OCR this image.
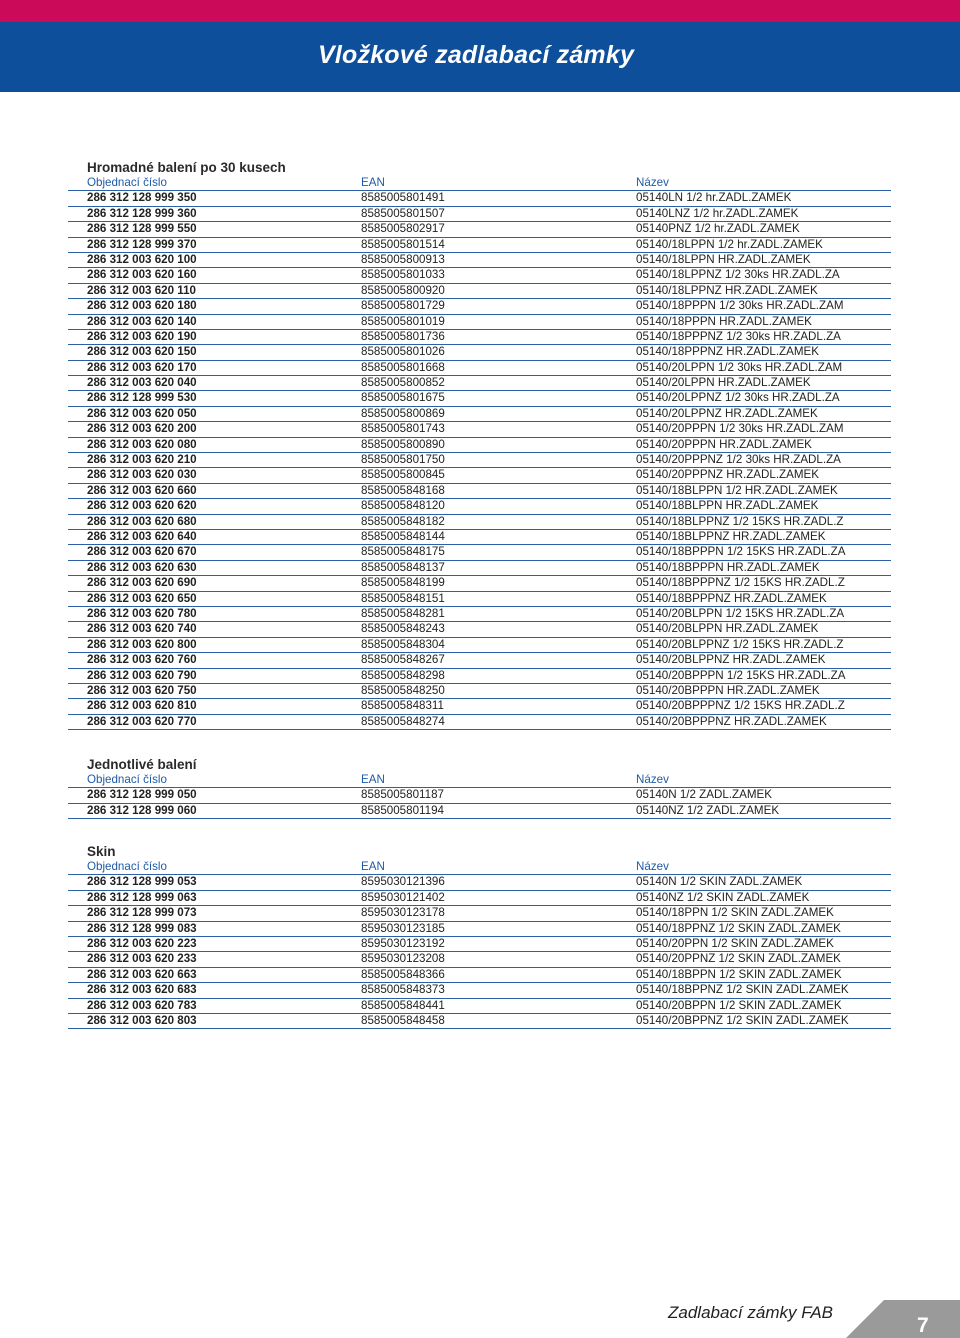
Vložkové zadlabací zámky
Hromadné balení po 30 kusech
Objednací číslo	EAN	Název
286 312 128 999 350	8585005801491	05140LN 1/2 hr.ZADL.ZAMEK
286 312 128 999 360	8585005801507	05140LNZ 1/2 hr.ZADL.ZAMEK
286 312 128 999 550	8585005802917	05140PNZ 1/2 hr.ZADL.ZAMEK
286 312 128 999 370	8585005801514	05140/18LPPN 1/2 hr.ZADL.ZAMEK
286 312 003 620 100	8585005800913	05140/18LPPN HR.ZADL.ZAMEK
286 312 003 620 160	8585005801033	05140/18LPPNZ 1/2 30ks HR.ZADL.ZA
286 312 003 620 110	8585005800920	05140/18LPPNZ HR.ZADL.ZAMEK
286 312 003 620 180	8585005801729	05140/18PPPN 1/2 30ks HR.ZADL.ZAM
286 312 003 620 140	8585005801019	05140/18PPPN HR.ZADL.ZAMEK
286 312 003 620 190	8585005801736	05140/18PPPNZ 1/2 30ks HR.ZADL.ZA
286 312 003 620 150	8585005801026	05140/18PPPNZ HR.ZADL.ZAMEK
286 312 003 620 170	8585005801668	05140/20LPPN 1/2 30ks HR.ZADL.ZAM
286 312 003 620 040	8585005800852	05140/20LPPN HR.ZADL.ZAMEK
286 312 128 999 530	8585005801675	05140/20LPPNZ 1/2 30ks HR.ZADL.ZA
286 312 003 620 050	8585005800869	05140/20LPPNZ HR.ZADL.ZAMEK
286 312 003 620 200	8585005801743	05140/20PPPN 1/2 30ks HR.ZADL.ZAM
286 312 003 620 080	8585005800890	05140/20PPPN HR.ZADL.ZAMEK
286 312 003 620 210	8585005801750	05140/20PPPNZ 1/2 30ks HR.ZADL.ZA
286 312 003 620 030	8585005800845	05140/20PPPNZ HR.ZADL.ZAMEK
286 312 003 620 660	8585005848168	05140/18BLPPN 1/2 HR.ZADL.ZAMEK
286 312 003 620 620	8585005848120	05140/18BLPPN HR.ZADL.ZAMEK
286 312 003 620 680	8585005848182	05140/18BLPPNZ 1/2 15KS HR.ZADL.Z
286 312 003 620 640	8585005848144	05140/18BLPPNZ HR.ZADL.ZAMEK
286 312 003 620 670	8585005848175	05140/18BPPPN 1/2 15KS HR.ZADL.ZA
286 312 003 620 630	8585005848137	05140/18BPPPN HR.ZADL.ZAMEK
286 312 003 620 690	8585005848199	05140/18BPPPNZ 1/2 15KS HR.ZADL.Z
286 312 003 620 650	8585005848151	05140/18BPPPNZ HR.ZADL.ZAMEK
286 312 003 620 780	8585005848281	05140/20BLPPN 1/2 15KS HR.ZADL.ZA
286 312 003 620 740	8585005848243	05140/20BLPPN HR.ZADL.ZAMEK
286 312 003 620 800	8585005848304	05140/20BLPPNZ 1/2 15KS HR.ZADL.Z
286 312 003 620 760	8585005848267	05140/20BLPPNZ HR.ZADL.ZAMEK
286 312 003 620 790	8585005848298	05140/20BPPPN 1/2 15KS HR.ZADL.ZA
286 312 003 620 750	8585005848250	05140/20BPPPN HR.ZADL.ZAMEK
286 312 003 620 810	8585005848311	05140/20BPPPNZ 1/2 15KS HR.ZADL.Z
286 312 003 620 770	8585005848274	05140/20BPPPNZ HR.ZADL.ZAMEK
Jednotlivé balení
Objednací číslo	EAN	Název
286 312 128 999 050	8585005801187	05140N 1/2 ZADL.ZAMEK
286 312 128 999 060	8585005801194	05140NZ 1/2 ZADL.ZAMEK
Skin
Objednací číslo	EAN	Název
286 312 128 999 053	8595030121396	05140N 1/2 SKIN ZADL.ZAMEK
286 312 128 999 063	8595030121402	05140NZ 1/2 SKIN ZADL.ZAMEK
286 312 128 999 073	8595030123178	05140/18PPN 1/2 SKIN ZADL.ZAMEK
286 312 128 999 083	8595030123185	05140/18PPNZ 1/2 SKIN ZADL.ZAMEK
286 312 003 620 223	8595030123192	05140/20PPN 1/2 SKIN ZADL.ZAMEK
286 312 003 620 233	8595030123208	05140/20PPNZ 1/2 SKIN ZADL.ZAMEK
286 312 003 620 663	8585005848366	05140/18BPPN 1/2 SKIN ZADL.ZAMEK
286 312 003 620 683	8585005848373	05140/18BPPNZ 1/2 SKIN ZADL.ZAMEK
286 312 003 620 783	8585005848441	05140/20BPPN 1/2 SKIN ZADL.ZAMEK
286 312 003 620 803	8585005848458	05140/20BPPNZ 1/2 SKIN ZADL.ZAMEK
Zadlabací zámky FAB
7
